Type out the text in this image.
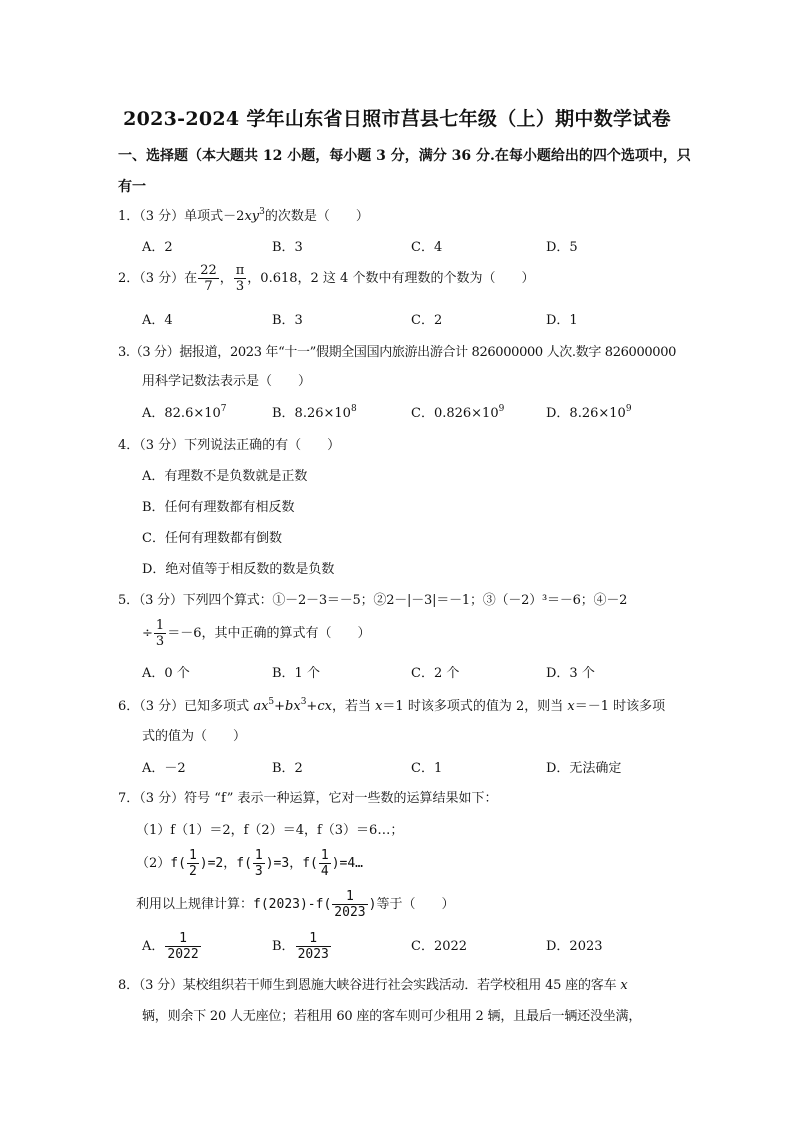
2023-2024 学年山东省日照市莒县七年级（上）期中数学试卷
一、选择题（本大题共 12 小题，每小题 3 分，满分 36 分.在每小题给出的四个选项中，只
有一
1．（3 分）单项式$-2xy^3$的次数是（　　）
A．2	B．3	C．4	D．5
2．（3 分）在 $\frac{22}{7}$ ， $\frac{\pi}{3}$ ，0.618，2 这 4 个数中有理数的个数为（　　）
A．4	B．3	C．2	D．1
3.（3 分）据报道，2023 年“十一”假期全国国内旅游出游合计 826000000 人次.数字 826000000
用科学记数法表示是（　　）
A．$82.6\times 10^7$	B．$8.26\times 10^8$	C．$0.826\times 10^9$	D．$8.26\times 10^9$
4．（3 分）下列说法正确的有（　　）
A．有理数不是负数就是正数
B．任何有理数都有相反数
C．任何有理数都有倒数
D．绝对值等于相反数的数是负数
5．（3 分）下列四个算式：①－2－3＝－5；②2－|－3|＝－1；③（－2）³＝－6；④－2
÷ $\frac{1}{3} =-6$，其中正确的算式有（　　）
A．0 个	B．1 个	C．2 个	D．3 个
6．（3 分）已知多项式 $ax^5+bx^3+cx$，若当 x＝1 时该多项式的值为 2，则当 x＝－1 时该多项
式的值为（　　）
A．－2	B．2	C．1	D．无法确定
7．（3 分）符号 “f” 表示一种运算，它对一些数的运算结果如下：
（1）f（1）＝2，f（2）＝4，f（3）＝6…；
$(2)f( \frac{1}{2} )=2$，$f( \frac{1}{3} )=3$，$f( \frac{1}{4}$ )=4…
利用以上规律计算：$f(2023)-f( \frac{1}{2023}$ )等于（　　）
A． $\frac{1}{2022}$	B． $\frac{1}{2023}$	C．2022	D．2023
8．（3 分）某校组织若干师生到恩施大峡谷进行社会实践活动．若学校租用 45 座的客车 x
辆，则余下 20 人无座位；若租用 60 座的客车则可少租用 2 辆，且最后一辆还没坐满，
